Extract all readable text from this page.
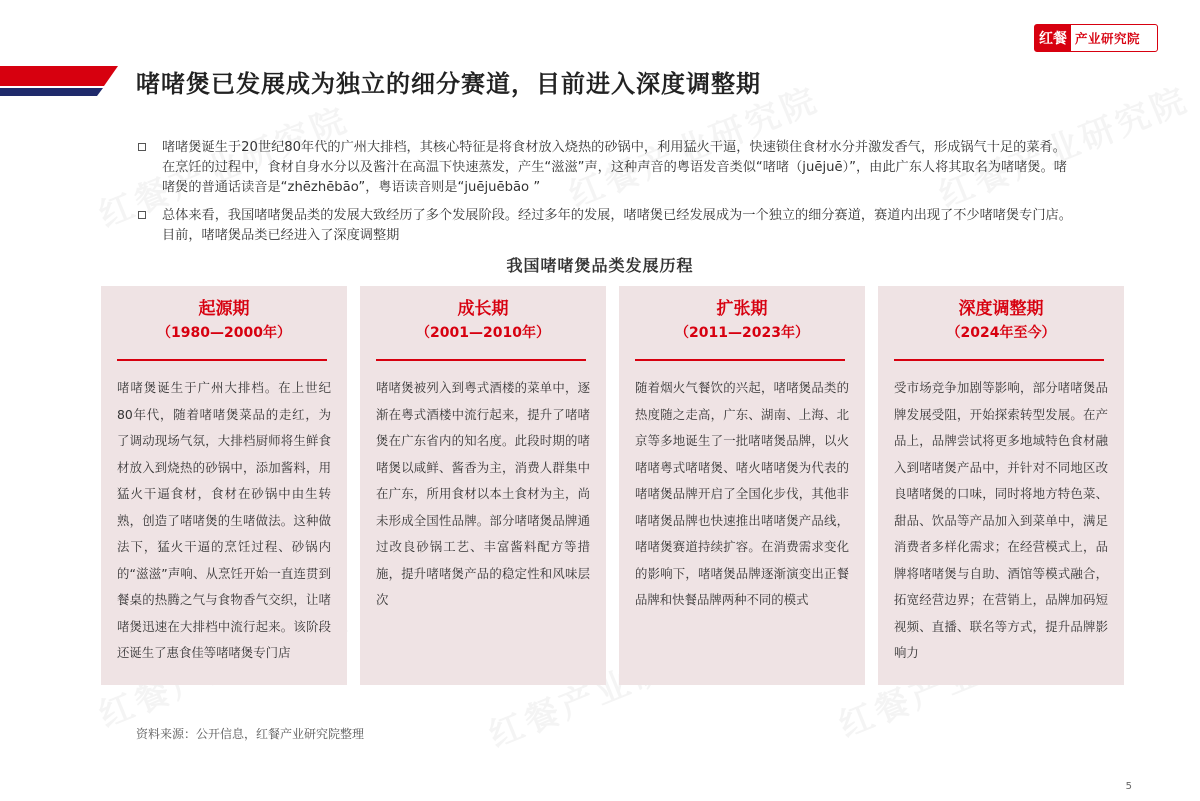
红餐 产业研究院
啫啫煲已发展成为独立的细分赛道，目前进入深度调整期

啫啫煲诞生于20世纪80年代的广州大排档，其核心特征是将食材放入烧热的砂锅中，利用猛火干逼，快速锁住食材水分并激发香气，形成锅气十足的菜肴。在烹饪的过程中，食材自身水分以及酱汁在高温下快速蒸发，产生“滋滋”声，这种声音的粤语发音类似“啫啫（juējuē）”，由此广东人将其取名为啫啫煲。啫啫煲的普通话读音是“zhēzhēbāo”，粤语读音则是“juējuēbāo ”

总体来看，我国啫啫煲品类的发展大致经历了多个发展阶段。经过多年的发展，啫啫煲已经发展成为一个独立的细分赛道，赛道内出现了不少啫啫煲专门店。目前，啫啫煲品类已经进入了深度调整期

我国啫啫煲品类发展历程
起源期
（1980—2000年）
啫啫煲诞生于广州大排档。在上世纪80年代，随着啫啫煲菜品的走红，为了调动现场气氛，大排档厨师将生鲜食材放入到烧热的砂锅中，添加酱料，用猛火干逼食材，食材在砂锅中由生转熟，创造了啫啫煲的生啫做法。这种做法下，猛火干逼的烹饪过程、砂锅内的“滋滋”声响、从烹饪开始一直连贯到餐桌的热腾之气与食物香气交织，让啫啫煲迅速在大排档中流行起来。该阶段还诞生了惠食佳等啫啫煲专门店
成长期
（2001—2010年）
啫啫煲被列入到粤式酒楼的菜单中，逐渐在粤式酒楼中流行起来，提升了啫啫煲在广东省内的知名度。此段时期的啫啫煲以咸鲜、酱香为主，消费人群集中在广东，所用食材以本土食材为主，尚未形成全国性品牌。部分啫啫煲品牌通过改良砂锅工艺、丰富酱料配方等措施，提升啫啫煲产品的稳定性和风味层次
扩张期
（2011—2023年）
随着烟火气餐饮的兴起，啫啫煲品类的热度随之走高，广东、湖南、上海、北京等多地诞生了一批啫啫煲品牌，以火啫啫粤式啫啫煲、啫火啫啫煲为代表的啫啫煲品牌开启了全国化步伐，其他非啫啫煲品牌也快速推出啫啫煲产品线，啫啫煲赛道持续扩容。在消费需求变化的影响下，啫啫煲品牌逐渐演变出正餐品牌和快餐品牌两种不同的模式
深度调整期
（2024年至今）
受市场竞争加剧等影响，部分啫啫煲品牌发展受阻，开始探索转型发展。在产品上，品牌尝试将更多地域特色食材融入到啫啫煲产品中，并针对不同地区改良啫啫煲的口味，同时将地方特色菜、甜品、饮品等产品加入到菜单中，满足消费者多样化需求；在经营模式上，品牌将啫啫煲与自助、酒馆等模式融合，拓宽经营边界；在营销上，品牌加码短视频、直播、联名等方式，提升品牌影响力
资料来源：公开信息，红餐产业研究院整理
5
